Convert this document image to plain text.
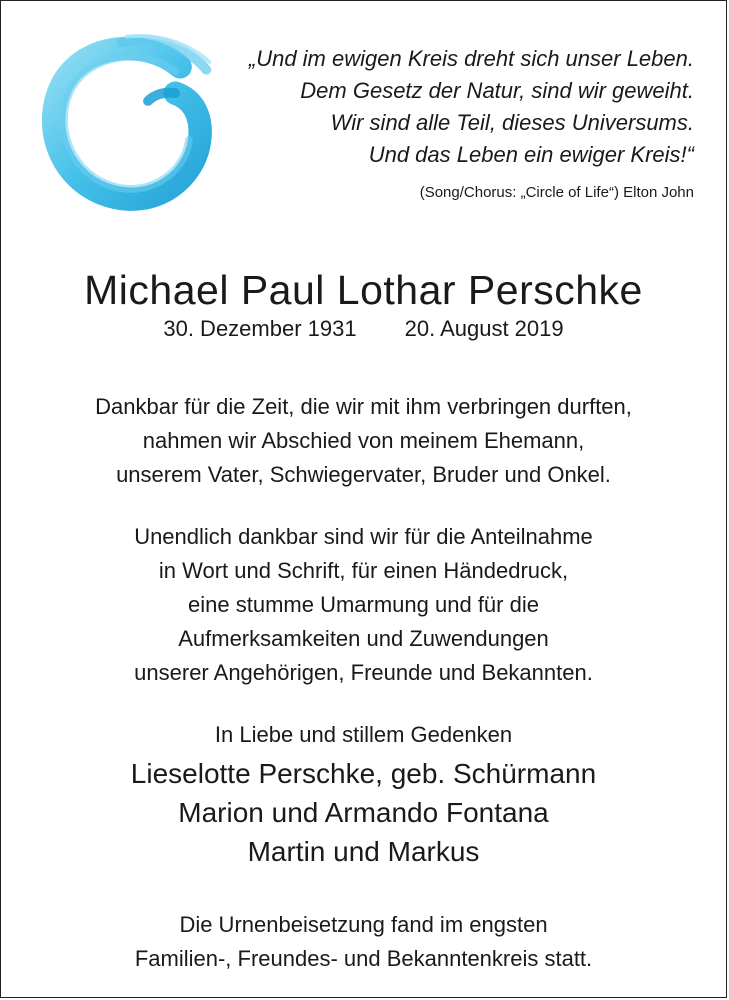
„Und im ewigen Kreis dreht sich unser Leben.
Dem Gesetz der Natur, sind wir geweiht.
Wir sind alle Teil, dieses Universums.
Und das Leben ein ewiger Kreis!“
(Song/Chorus: „Circle of Life“) Elton John
Michael Paul Lothar Perschke
30. Dezember 1931 20. August 2019
Dankbar für die Zeit, die wir mit ihm verbringen durften,
nahmen wir Abschied von meinem Ehemann,
unserem Vater, Schwiegervater, Bruder und Onkel.
Unendlich dankbar sind wir für die Anteilnahme
in Wort und Schrift, für einen Händedruck,
eine stumme Umarmung und für die
Aufmerksamkeiten und Zuwendungen
unserer Angehörigen, Freunde und Bekannten.
In Liebe und stillem Gedenken
Lieselotte Perschke, geb. Schürmann
Marion und Armando Fontana
Martin und Markus
Die Urnenbeisetzung fand im engsten
Familien-, Freundes- und Bekanntenkreis statt.
